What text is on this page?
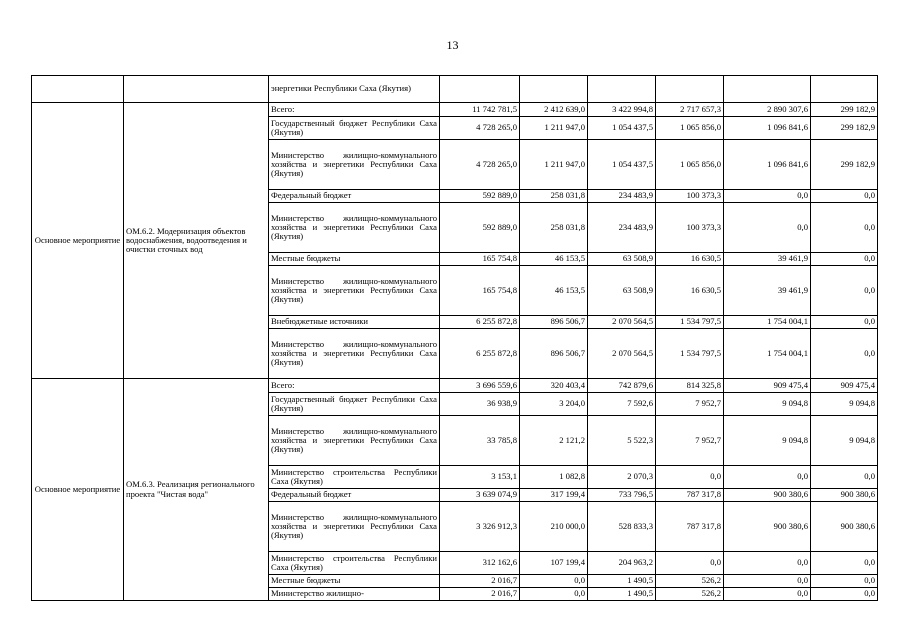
13
		энергетики Республики Саха (Якутия)						
Основное мероприятие	ОМ.6.2. Модернизация объектов водоснабжения, водоотведения и очистки сточных вод	Всего:	11 742 781,5	2 412 639,0	3 422 994,8	2 717 657,3	2 890 307,6	299 182,9
		Государственный бюджет Республики Саха (Якутия)	4 728 265,0	1 211 947,0	1 054 437,5	1 065 856,0	1 096 841,6	299 182,9
		Министерство жилищно-коммунального хозяйства и энергетики Республики Саха (Якутия)	4 728 265,0	1 211 947,0	1 054 437,5	1 065 856,0	1 096 841,6	299 182,9
		Федеральный бюджет	592 889,0	258 031,8	234 483,9	100 373,3	0,0	0,0
		Министерство жилищно-коммунального хозяйства и энергетики Республики Саха (Якутия)	592 889,0	258 031,8	234 483,9	100 373,3	0,0	0,0
		Местные бюджеты	165 754,8	46 153,5	63 508,9	16 630,5	39 461,9	0,0
		Министерство жилищно-коммунального хозяйства и энергетики Республики Саха (Якутия)	165 754,8	46 153,5	63 508,9	16 630,5	39 461,9	0,0
		Внебюджетные источники	6 255 872,8	896 506,7	2 070 564,5	1 534 797,5	1 754 004,1	0,0
		Министерство жилищно-коммунального хозяйства и энергетики Республики Саха (Якутия)	6 255 872,8	896 506,7	2 070 564,5	1 534 797,5	1 754 004,1	0,0
Основное мероприятие	ОМ.6.3. Реализация регионального проекта "Чистая вода"	Всего:	3 696 559,6	320 403,4	742 879,6	814 325,8	909 475,4	909 475,4
		Государственный бюджет Республики Саха (Якутия)	36 938,9	3 204,0	7 592,6	7 952,7	9 094,8	9 094,8
		Министерство жилищно-коммунального хозяйства и энергетики Республики Саха (Якутия)	33 785,8	2 121,2	5 522,3	7 952,7	9 094,8	9 094,8
		Министерство строительства Республики Саха (Якутия)	3 153,1	1 082,8	2 070,3	0,0	0,0	0,0
		Федеральный бюджет	3 639 074,9	317 199,4	733 796,5	787 317,8	900 380,6	900 380,6
		Министерство жилищно-коммунального хозяйства и энергетики Республики Саха (Якутия)	3 326 912,3	210 000,0	528 833,3	787 317,8	900 380,6	900 380,6
		Министерство строительства Республики Саха (Якутия)	312 162,6	107 199,4	204 963,2	0,0	0,0	0,0
		Местные бюджеты	2 016,7	0,0	1 490,5	526,2	0,0	0,0
		Министерство жилищно-	2 016,7	0,0	1 490,5	526,2	0,0	0,0
